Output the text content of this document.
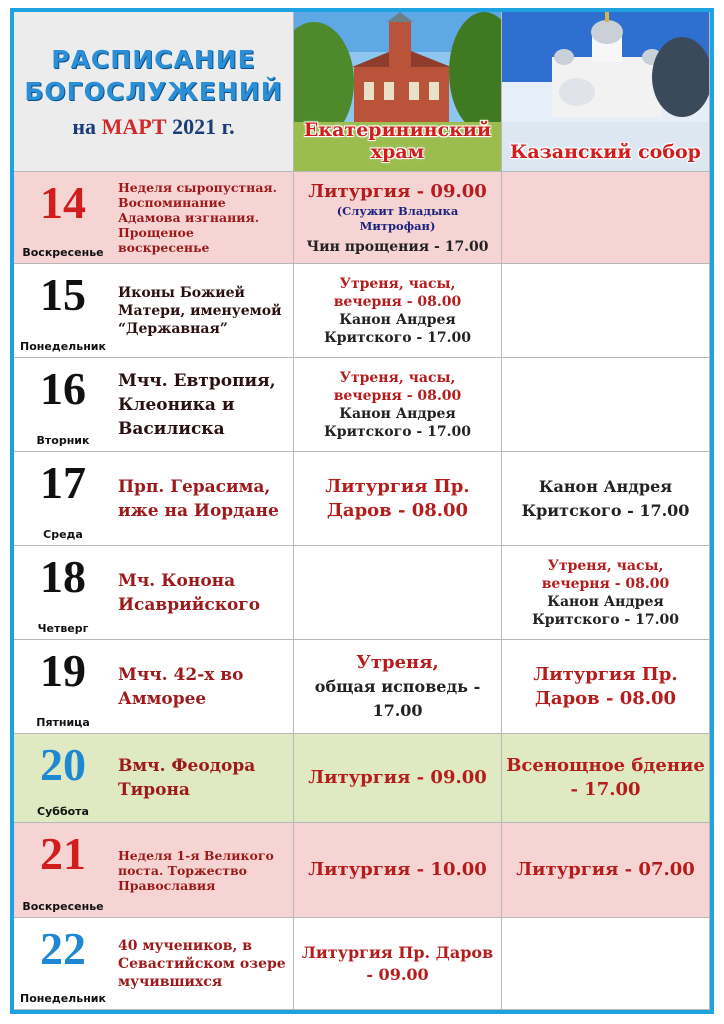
РАСПИСАНИЕ
БОГОСЛУЖЕНИЙ
на МАРТ 2021 г.	Екатерининский храм	Казанский собор
14
Воскресенье
Неделя сыропустная. Воспоминание Адамова изгнания. Прощеное воскресенье
Литургия - 09.00
(Служит Владыка Митрофан)
Чин прощения - 17.00
15
Понедельник
Иконы Божией Матери, именуемой “Державная”
Утреня, часы,
вечерня - 08.00
Канон Андрея Критского - 17.00
16
Вторник
Мчч. Евтропия, Клеоника и Василиска
Утреня, часы,
вечерня - 08.00
Канон Андрея Критского - 17.00
17
Среда
Прп. Герасима, иже на Иордане
Литургия Пр. Даров - 08.00
Канон Андрея Критского - 17.00
18
Четверг
Мч. Конона Исаврийского
Утреня, часы,
вечерня - 08.00
Канон Андрея Критского - 17.00
19
Пятница
Мчч. 42-х во Аммореe
Утреня,
общая исповедь - 17.00
Литургия Пр. Даров - 08.00
20
Суббота
Вмч. Феодора Тирона
Литургия - 09.00
Всенощное бдение - 17.00
21
Воскресенье
Неделя 1-я Великого поста. Торжество Православия
Литургия - 10.00 Литургия - 07.00
22
Понедельник
40 мучеников, в Севастийском озере мучившихся
Литургия Пр. Даров - 09.00
